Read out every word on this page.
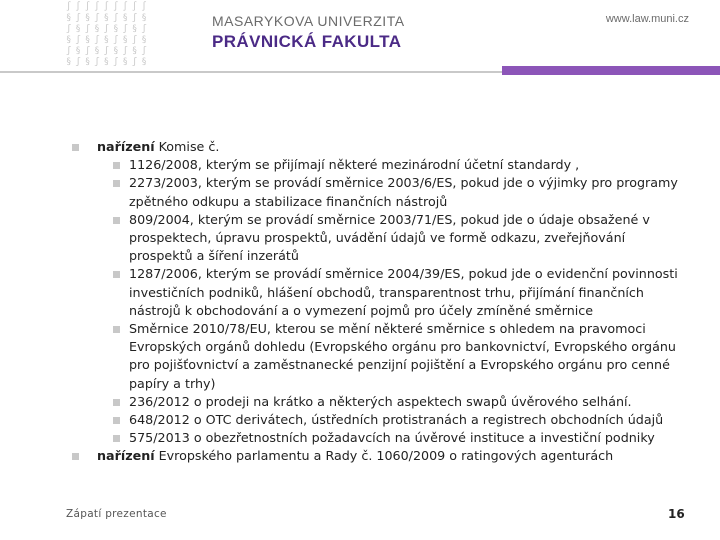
∫∫∫∫∫∫∫∫∫
§ʃ§ʃ§ʃ§ʃ§
ʃ§ʃ§ʃ§ʃ§ʃ
§ʃ§ʃ§ʃ§ʃ§
ʃ§ʃ§ʃ§ʃ§ʃ
§ʃ§ʃ§ʃ§ʃ§
MASARYKOVA UNIVERZITA
PRÁVNICKÁ FAKULTA
www.law.muni.cz
nařízení Komise č.
1126/2008, kterým se přijímají některé mezinárodní účetní standardy ,
2273/2003, kterým se provádí směrnice 2003/6/ES, pokud jde o výjimky pro programy zpětného odkupu a stabilizace finančních nástrojů
809/2004, kterým se provádí směrnice 2003/71/ES, pokud jde o údaje obsažené v prospektech, úpravu prospektů, uvádění údajů ve formě odkazu, zveřejňování prospektů a šíření inzerátů
1287/2006, kterým se provádí směrnice 2004/39/ES, pokud jde o evidenční povinnosti investičních podniků, hlášení obchodů, transparentnost trhu, přijímání finančních nástrojů k obchodování a o vymezení pojmů pro účely zmíněné směrnice
Směrnice 2010/78/EU, kterou se mění některé směrnice s ohledem na pravomoci Evropských orgánů dohledu (Evropského orgánu pro bankovnictví, Evropského orgánu pro pojišťovnictví a zaměstnanecké penzijní pojištění a Evropského orgánu pro cenné papíry a trhy)
236/2012 o prodeji na krátko a některých aspektech swapů úvěrového selhání.
648/2012 o OTC derivátech, ústředních protistranách a registrech obchodních údajů
575/2013 o obezřetnostních požadavcích na úvěrové instituce a investiční podniky
nařízení Evropského parlamentu a Rady č. 1060/2009 o ratingových agenturách
Zápatí prezentace	16
